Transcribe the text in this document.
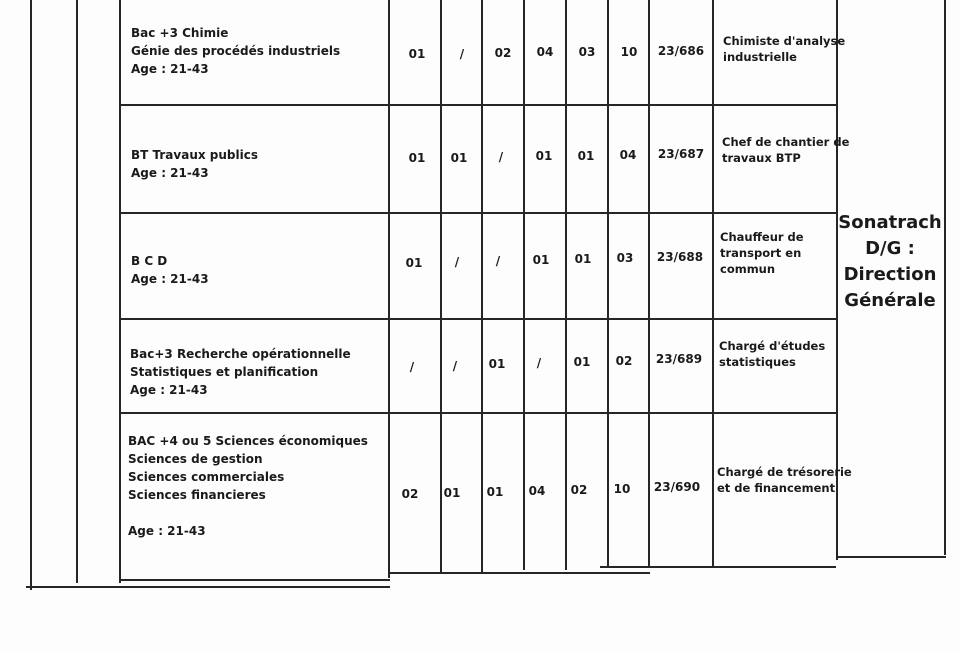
Bac +3 Chimie
Génie des procédés industriels
Age : 21-43
01	/	02	04	03	10	23/686
Chimiste d'analyse
industrielle
BT Travaux publics
Age : 21-43
01	01	/	01	01	04	23/687
Chef de chantier de
travaux BTP
B C D
Age : 21-43
01	/	/	01	01	03	23/688
Chauffeur de
transport en
commun
Bac+3 Recherche opérationnelle
Statistiques et planification
Age : 21-43
/	/	01	/	01	02	23/689
Chargé d'études
statistiques
BAC +4 ou 5 Sciences économiques
Sciences de gestion
Sciences commerciales
Sciences financieres
Age : 21-43
02	01	01	04	02	10	23/690
Chargé de trésorerie
et de financement
Sonatrach
D/G :
Direction
Générale
